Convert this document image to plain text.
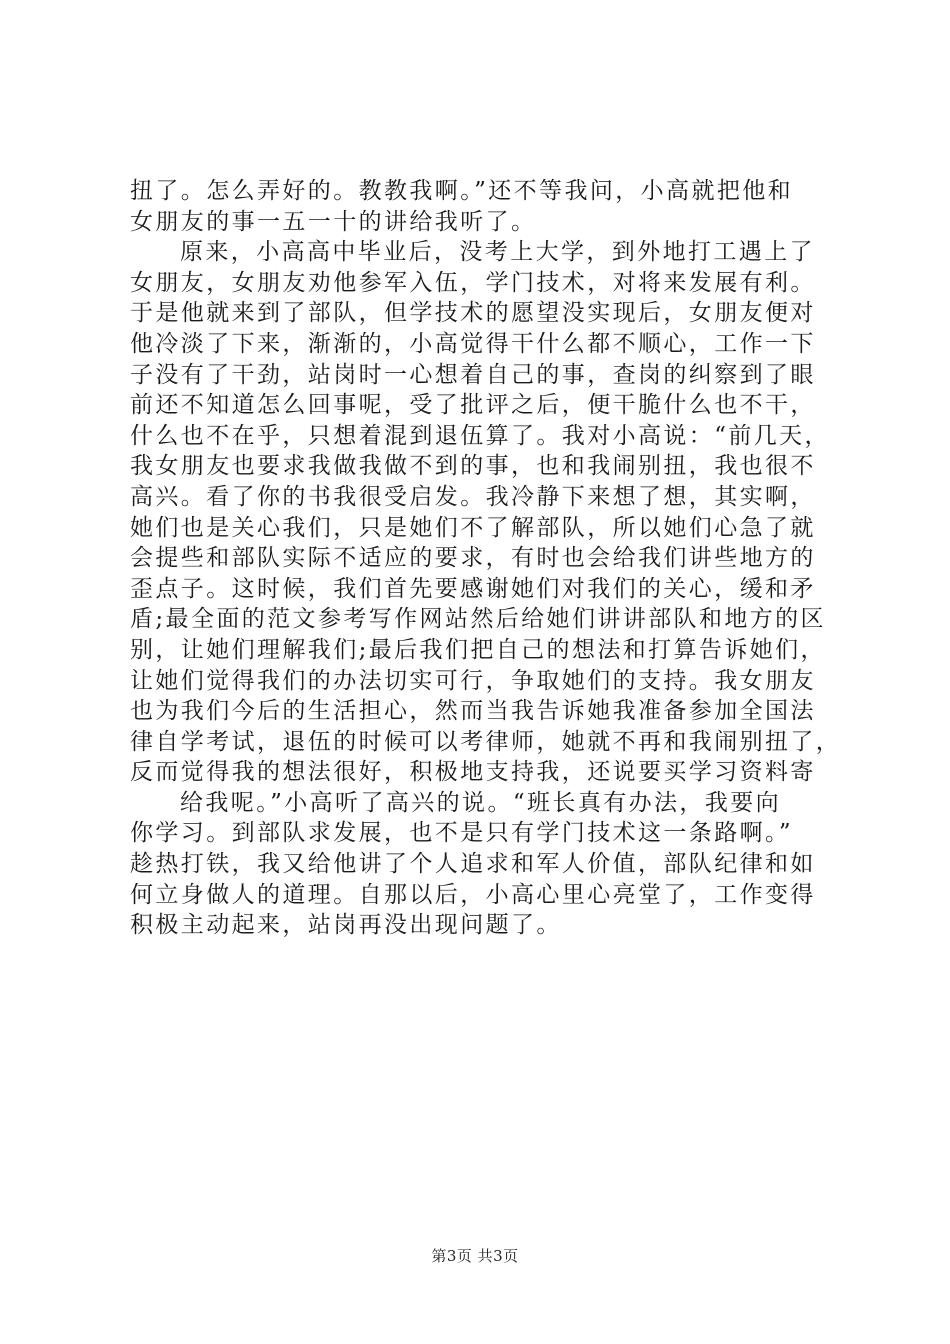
扭了。怎么弄好的。教教我啊。”还不等我问，小高就把他和
女朋友的事一五一十的讲给我听了。
原来，小高高中毕业后，没考上大学，到外地打工遇上了
女朋友，女朋友劝他参军入伍，学门技术，对将来发展有利。
于是他就来到了部队，但学技术的愿望没实现后，女朋友便对
他冷淡了下来，渐渐的，小高觉得干什么都不顺心，工作一下
子没有了干劲，站岗时一心想着自己的事，查岗的纠察到了眼
前还不知道怎么回事呢，受了批评之后，便干脆什么也不干，
什么也不在乎，只想着混到退伍算了。我对小高说：“前几天，
我女朋友也要求我做我做不到的事，也和我闹别扭，我也很不
高兴。看了你的书我很受启发。我冷静下来想了想，其实啊，
她们也是关心我们，只是她们不了解部队，所以她们心急了就
会提些和部队实际不适应的要求，有时也会给我们讲些地方的
歪点子。这时候，我们首先要感谢她们对我们的关心，缓和矛
盾;最全面的范文参考写作网站然后给她们讲讲部队和地方的区
别，让她们理解我们;最后我们把自己的想法和打算告诉她们，
让她们觉得我们的办法切实可行，争取她们的支持。我女朋友
也为我们今后的生活担心，然而当我告诉她我准备参加全国法
律自学考试，退伍的时候可以考律师，她就不再和我闹别扭了，
反而觉得我的想法很好，积极地支持我，还说要买学习资料寄
给我呢。”小高听了高兴的说。“班长真有办法，我要向
你学习。到部队求发展，也不是只有学门技术这一条路啊。”
趁热打铁，我又给他讲了个人追求和军人价值，部队纪律和如
何立身做人的道理。自那以后，小高心里心亮堂了，工作变得
积极主动起来，站岗再没出现问题了。
第3页 共3页
